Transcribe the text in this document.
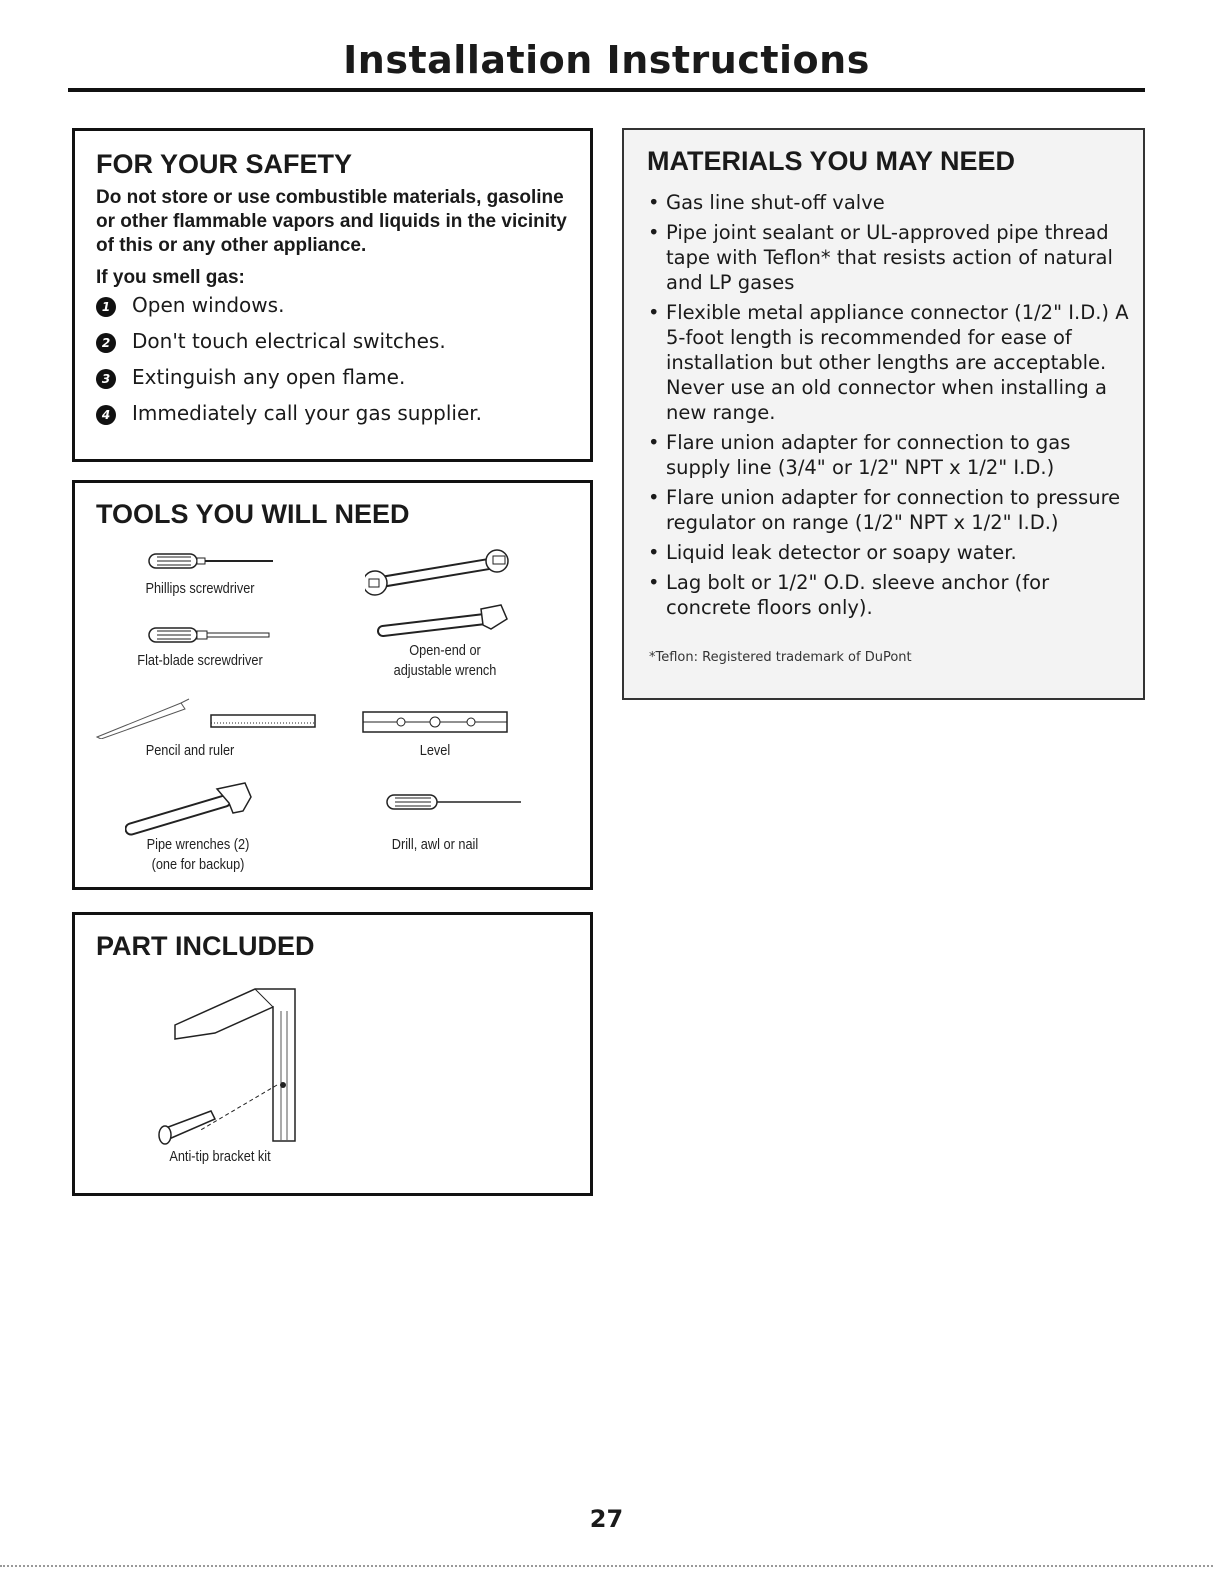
Installation Instructions
FOR YOUR SAFETY
Do not store or use combustible materials, gasoline or other flammable vapors and liquids in the vicinity of this or any other appliance.
If you smell gas:
1 Open windows.
2 Don't touch electrical switches.
3 Extinguish any open flame.
4 Immediately call your gas supplier.
TOOLS YOU WILL NEED
Phillips screwdriver
Flat-blade screwdriver
Open-end or
adjustable wrench
Pencil and ruler	Level
Pipe wrenches (2)
(one for backup)
Drill, awl or nail
PART INCLUDED
Anti-tip bracket kit
MATERIALS YOU MAY NEED
• Gas line shut-off valve
• Pipe joint sealant or UL-approved pipe thread tape with Teflon* that resists action of natural and LP gases
• Flexible metal appliance connector (1/2" I.D.) A 5-foot length is recommended for ease of installation but other lengths are acceptable. Never use an old connector when installing a new range.
• Flare union adapter for connection to gas supply line (3/4" or 1/2" NPT x 1/2" I.D.)
• Flare union adapter for connection to pressure regulator on range (1/2" NPT x 1/2" I.D.)
• Liquid leak detector or soapy water.
• Lag bolt or 1/2" O.D. sleeve anchor (for concrete floors only).
*Teflon: Registered trademark of DuPont
27
